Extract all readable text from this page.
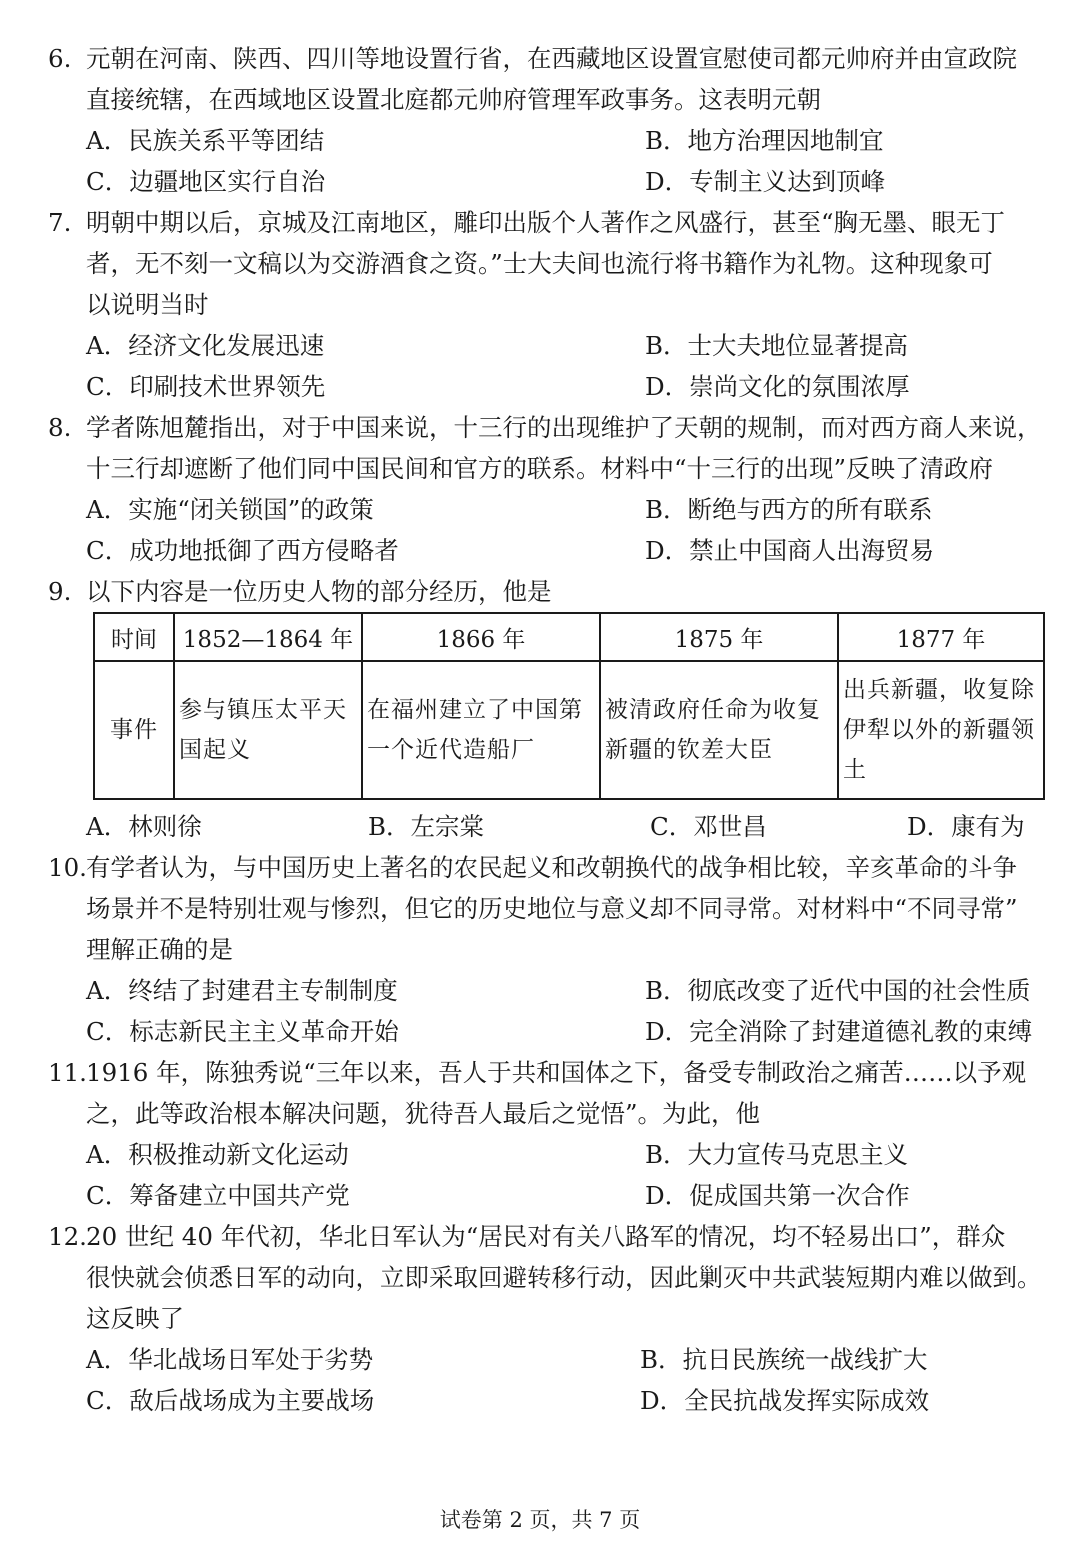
6. 元朝在河南、陕西、四川等地设置行省，在西藏地区设置宣慰使司都元帅府并由宣政院
直接统辖，在西域地区设置北庭都元帅府管理军政事务。这表明元朝
A．民族关系平等团结	B．地方治理因地制宜
C．边疆地区实行自治	D．专制主义达到顶峰
7. 明朝中期以后，京城及江南地区，雕印出版个人著作之风盛行，甚至“胸无墨、眼无丁
者，无不刻一文稿以为交游酒食之资。”士大夫间也流行将书籍作为礼物。这种现象可
以说明当时
A．经济文化发展迅速	B．士大夫地位显著提高
C．印刷技术世界领先	D．崇尚文化的氛围浓厚
8. 学者陈旭麓指出，对于中国来说，十三行的出现维护了天朝的规制，而对西方商人来说，
十三行却遮断了他们同中国民间和官方的联系。材料中“十三行的出现”反映了清政府
A．实施“闭关锁国”的政策	B．断绝与西方的所有联系
C．成功地抵御了西方侵略者	D．禁止中国商人出海贸易
9. 以下内容是一位历史人物的部分经历，他是
时间	1852—1864 年	1866 年	1875 年	1877 年
事件	参与镇压太平天国起义	在福州建立了中国第一个近代造船厂	被清政府任命为收复新疆的钦差大臣	出兵新疆，收复除伊犁以外的新疆领土
A．林则徐	B．左宗棠	C．邓世昌	D．康有为
10. 有学者认为，与中国历史上著名的农民起义和改朝换代的战争相比较，辛亥革命的斗争
场景并不是特别壮观与惨烈，但它的历史地位与意义却不同寻常。对材料中“不同寻常”
理解正确的是
A．终结了封建君主专制制度	B．彻底改变了近代中国的社会性质
C．标志新民主主义革命开始	D．完全消除了封建道德礼教的束缚
11. 1916 年，陈独秀说“三年以来，吾人于共和国体之下，备受专制政治之痛苦……以予观
之，此等政治根本解决问题，犹待吾人最后之觉悟”。为此，他
A．积极推动新文化运动	B．大力宣传马克思主义
C．筹备建立中国共产党	D．促成国共第一次合作
12. 20 世纪 40 年代初，华北日军认为“居民对有关八路军的情况，均不轻易出口”，群众
很快就会侦悉日军的动向，立即采取回避转移行动，因此剿灭中共武装短期内难以做到。
这反映了
A．华北战场日军处于劣势	B．抗日民族统一战线扩大
C．敌后战场成为主要战场	D．全民抗战发挥实际成效
试卷第 2 页，共 7 页
